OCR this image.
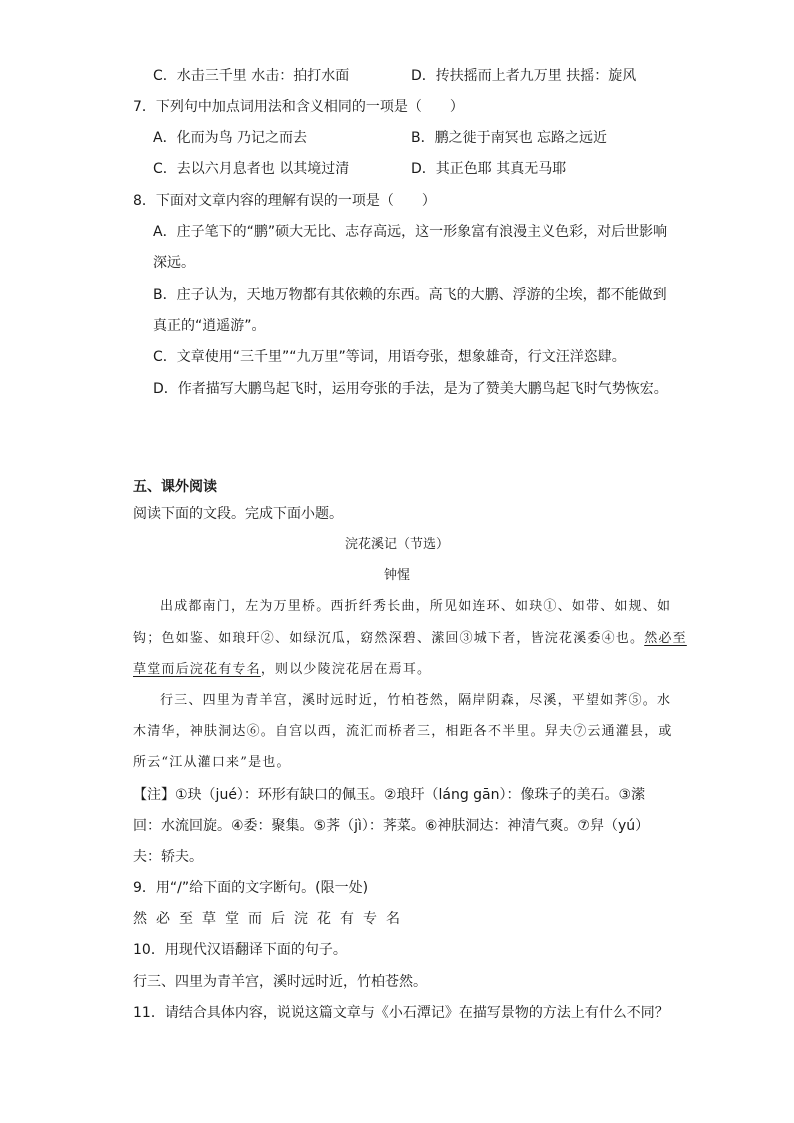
C．水击三千里 水击：拍打水面	D．抟扶摇而上者九万里 扶摇：旋风
7．下列句中加点词用法和含义相同的一项是（　　）
A．化而为鸟 乃记之而去	B．鹏之徙于南冥也 忘路之远近
C．去以六月息者也 以其境过清	D．其正色耶 其真无马耶
8．下面对文章内容的理解有误的一项是（　　）
A．庄子笔下的“鹏”硕大无比、志存高远，这一形象富有浪漫主义色彩，对后世影响
深远。
B．庄子认为，天地万物都有其依赖的东西。高飞的大鹏、浮游的尘埃，都不能做到
真正的“逍遥游”。
C．文章使用“三千里”“九万里”等词，用语夸张，想象雄奇，行文汪洋恣肆。
D．作者描写大鹏鸟起飞时，运用夸张的手法，是为了赞美大鹏鸟起飞时气势恢宏。
五、课外阅读
阅读下面的文段。完成下面小题。
浣花溪记（节选）
钟惺
出成都南门，左为万里桥。西折纤秀长曲，所见如连环、如玦①、如带、如规、如
钩；色如鉴、如琅玕②、如绿沉瓜，窈然深碧、潆回③城下者，皆浣花溪委④也。然必至
草堂而后浣花有专名，则以少陵浣花居在焉耳。
行三、四里为青羊宫，溪时远时近，竹柏苍然，隔岸阴森，尽溪，平望如荠⑤。水
木清华，神肤洞达⑥。自宫以西，流汇而桥者三，相距各不半里。舁夫⑦云通灌县，或
所云“江从灌口来”是也。
【注】①玦（jué）：环形有缺口的佩玉。②琅玕（láng gān）：像珠子的美石。③潆
回：水流回旋。④委：聚集。⑤荠（jì）：荠菜。⑥神肤洞达：神清气爽。⑦舁（yú）
夫：轿夫。
9．用“/”给下面的文字断句。(限一处)
然必至草堂而后浣花有专名
10．用现代汉语翻译下面的句子。
行三、四里为青羊宫，溪时远时近，竹柏苍然。
11．请结合具体内容，说说这篇文章与《小石潭记》在描写景物的方法上有什么不同？
